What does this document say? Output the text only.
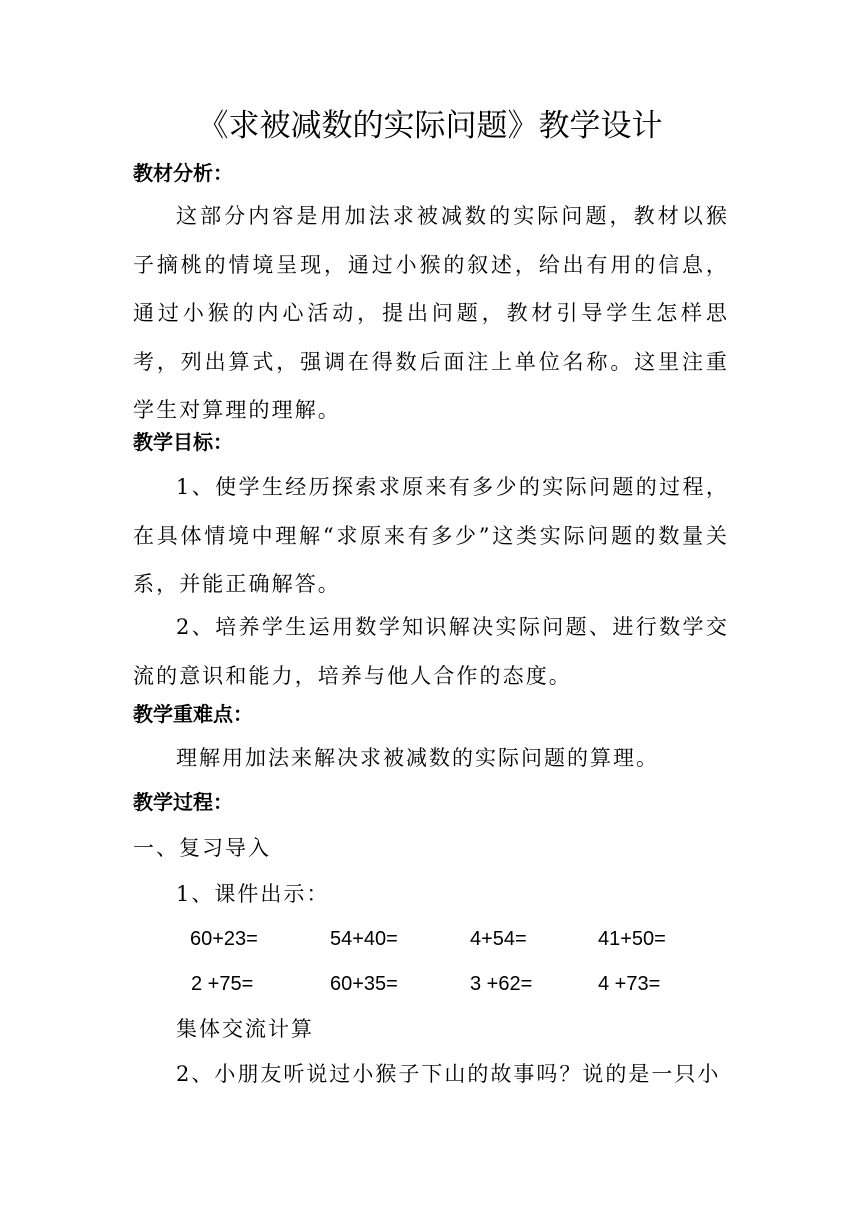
《求被减数的实际问题》教学设计
教材分析：
这部分内容是用加法求被减数的实际问题，教材以猴子摘桃的情境呈现，通过小猴的叙述，给出有用的信息，通过小猴的内心活动，提出问题，教材引导学生怎样思考，列出算式，强调在得数后面注上单位名称。这里注重学生对算理的理解。
教学目标：
1、使学生经历探索求原来有多少的实际问题的过程，在具体情境中理解“求原来有多少”这类实际问题的数量关系，并能正确解答。
2、培养学生运用数学知识解决实际问题、进行数学交流的意识和能力，培养与他人合作的态度。
教学重难点：
理解用加法来解决求被减数的实际问题的算理。
教学过程：
一、复习导入
1、课件出示：
60+23=	54+40=	4+54=	41+50=
2 +75=	60+35=	3 +62=	4 +73=
集体交流计算
2、小朋友听说过小猴子下山的故事吗？说的是一只小
